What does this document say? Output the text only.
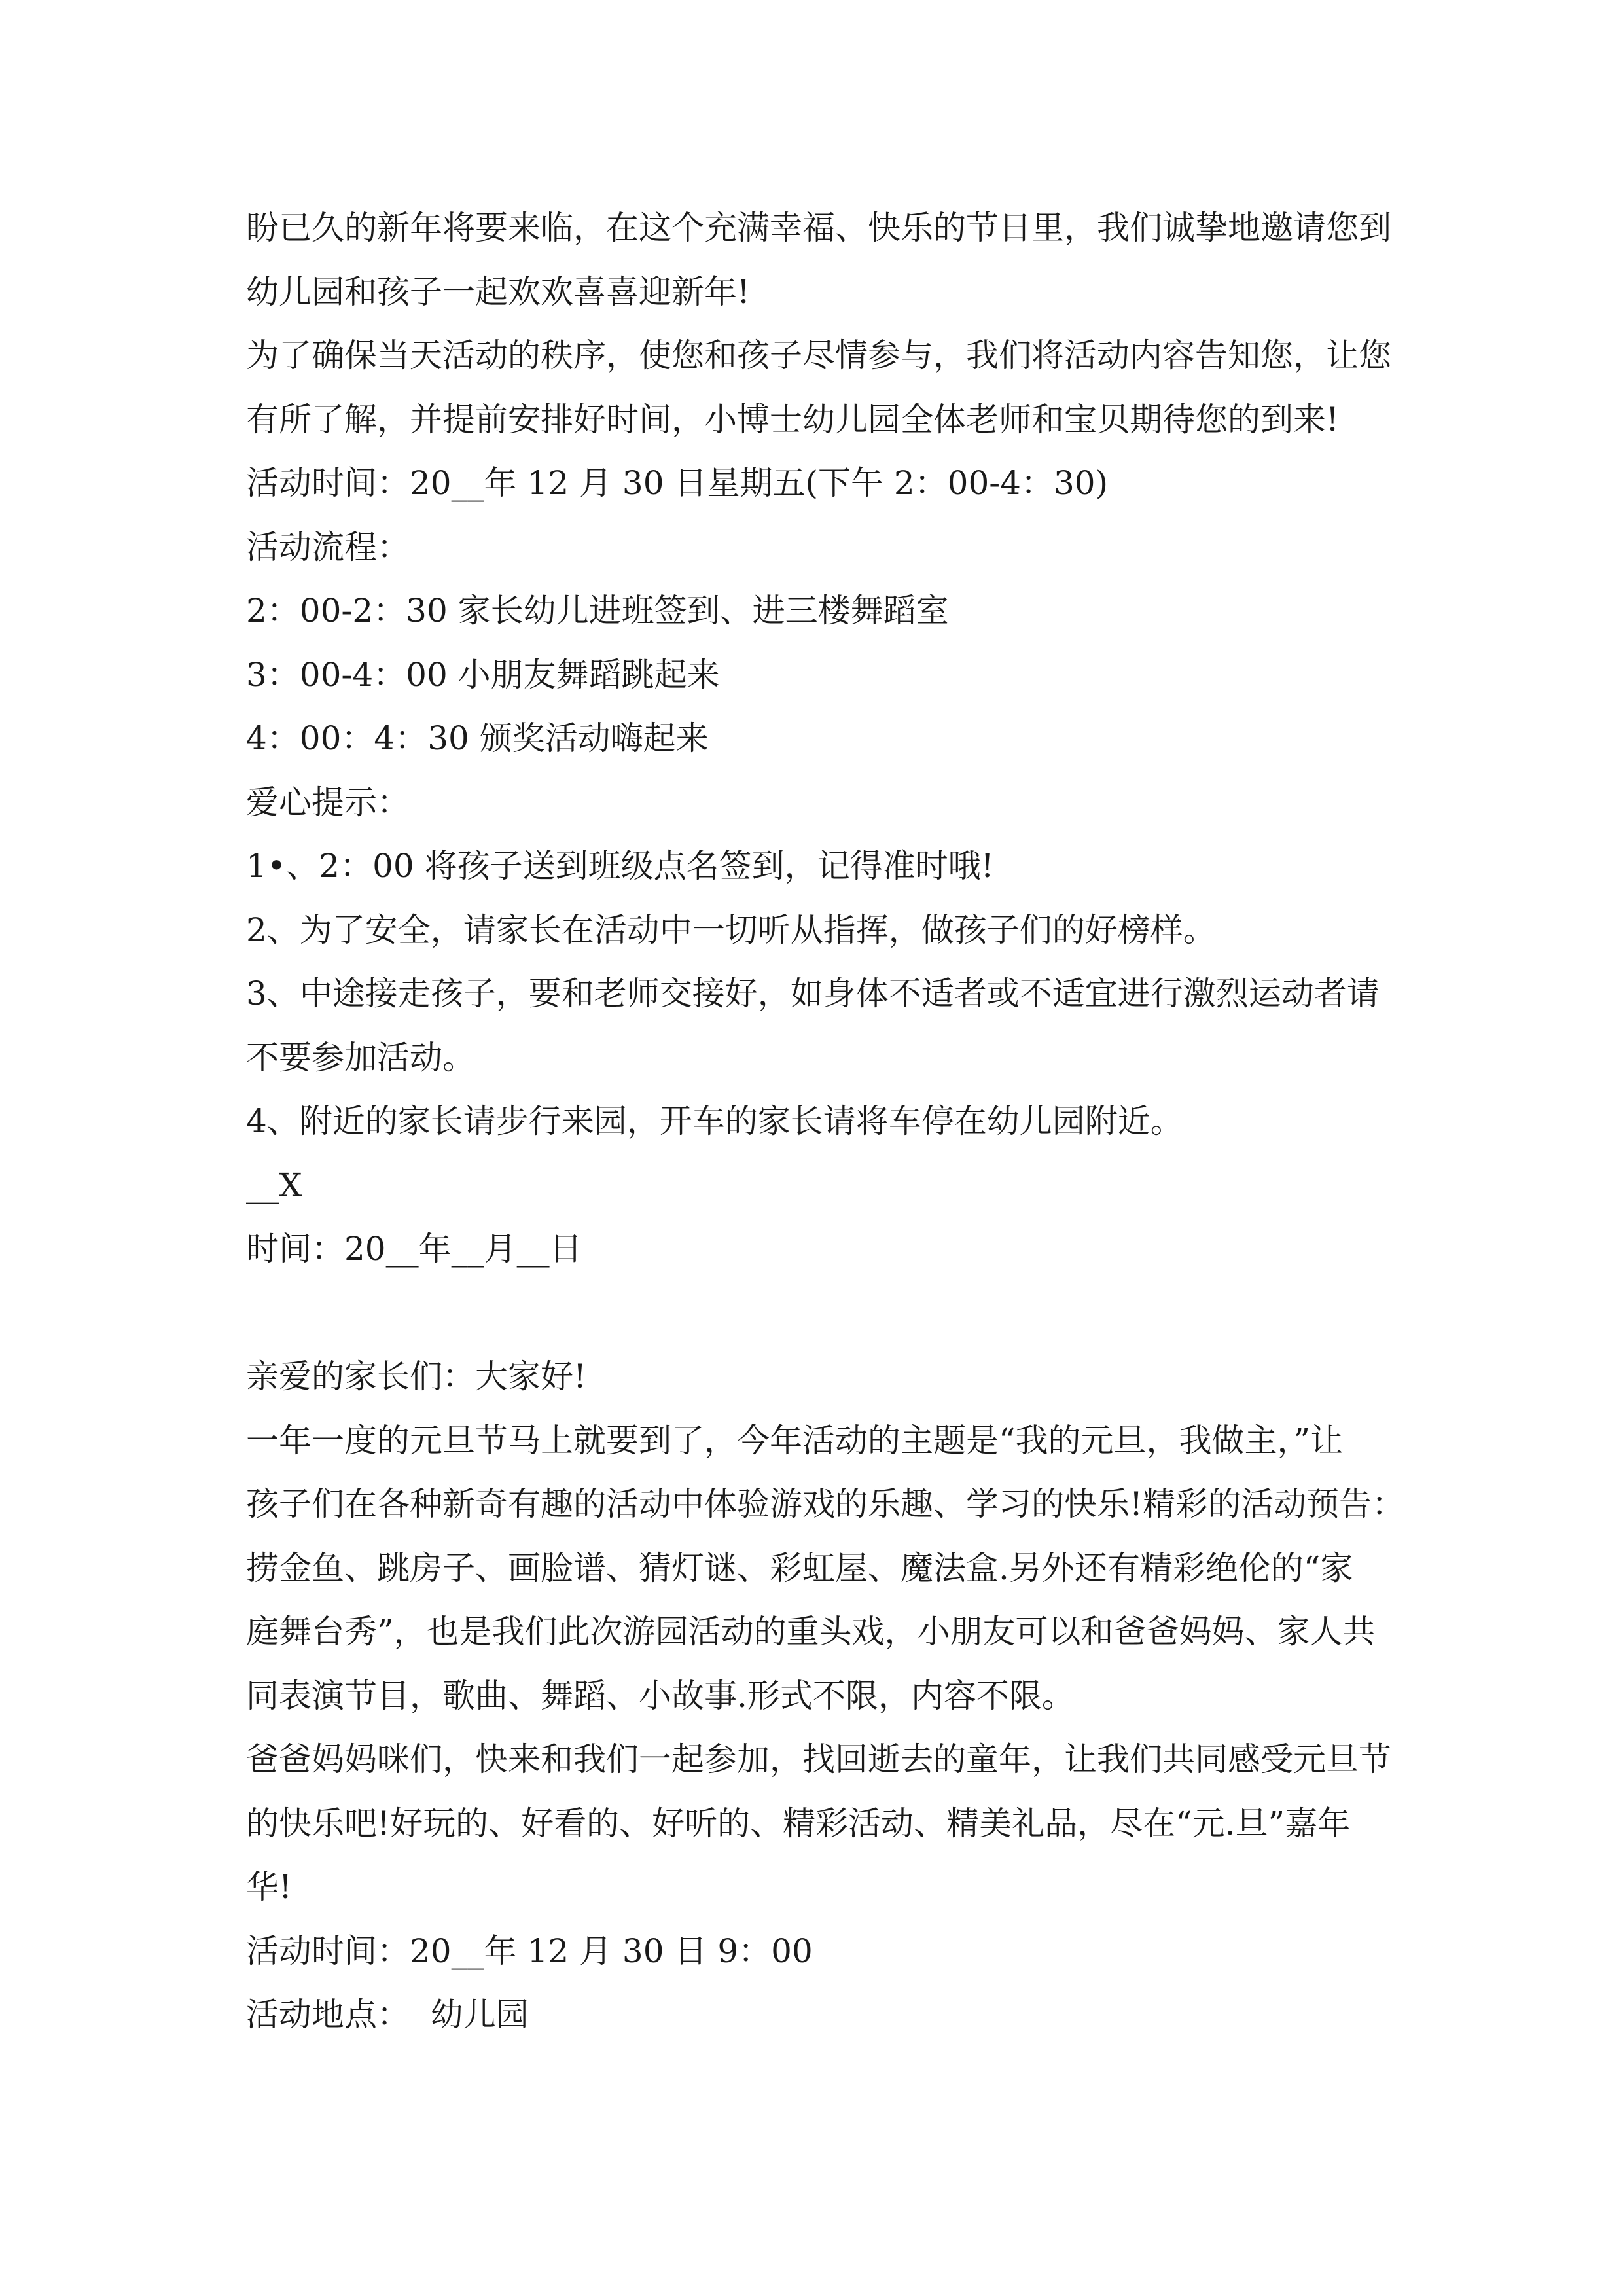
盼已久的新年将要来临，在这个充满幸福、快乐的节日里，我们诚挚地邀请您到
幼儿园和孩子一起欢欢喜喜迎新年!
为了确保当天活动的秩序，使您和孩子尽情参与，我们将活动内容告知您，让您
有所了解，并提前安排好时间，小博士幼儿园全体老师和宝贝期待您的到来!
活动时间：20__年 12 月 30 日星期五(下午 2：00-4：30)
活动流程：
2：00-2：30 家长幼儿进班签到、进三楼舞蹈室
3：00-4：00 小朋友舞蹈跳起来
4：00：4：30 颁奖活动嗨起来
爱心提示：
1•、2：00 将孩子送到班级点名签到，记得准时哦!
2、为了安全，请家长在活动中一切听从指挥，做孩子们的好榜样。
3、中途接走孩子，要和老师交接好，如身体不适者或不适宜进行激烈运动者请
不要参加活动。
4、附近的家长请步行来园，开车的家长请将车停在幼儿园附近。
__X
时间：20__年__月__日
亲爱的家长们：大家好!
一年一度的元旦节马上就要到了，今年活动的主题是“我的元旦，我做主，”让
孩子们在各种新奇有趣的活动中体验游戏的乐趣、学习的快乐!精彩的活动预告：
捞金鱼、跳房子、画脸谱、猜灯谜、彩虹屋、魔法盒.另外还有精彩绝伦的“家
庭舞台秀”，也是我们此次游园活动的重头戏，小朋友可以和爸爸妈妈、家人共
同表演节目，歌曲、舞蹈、小故事.形式不限，内容不限。
爸爸妈妈咪们，快来和我们一起参加，找回逝去的童年，让我们共同感受元旦节
的快乐吧!好玩的、好看的、好听的、精彩活动、精美礼品，尽在“元.旦”嘉年
华!
活动时间：20__年 12 月 30 日 9：00
活动地点：  幼儿园
